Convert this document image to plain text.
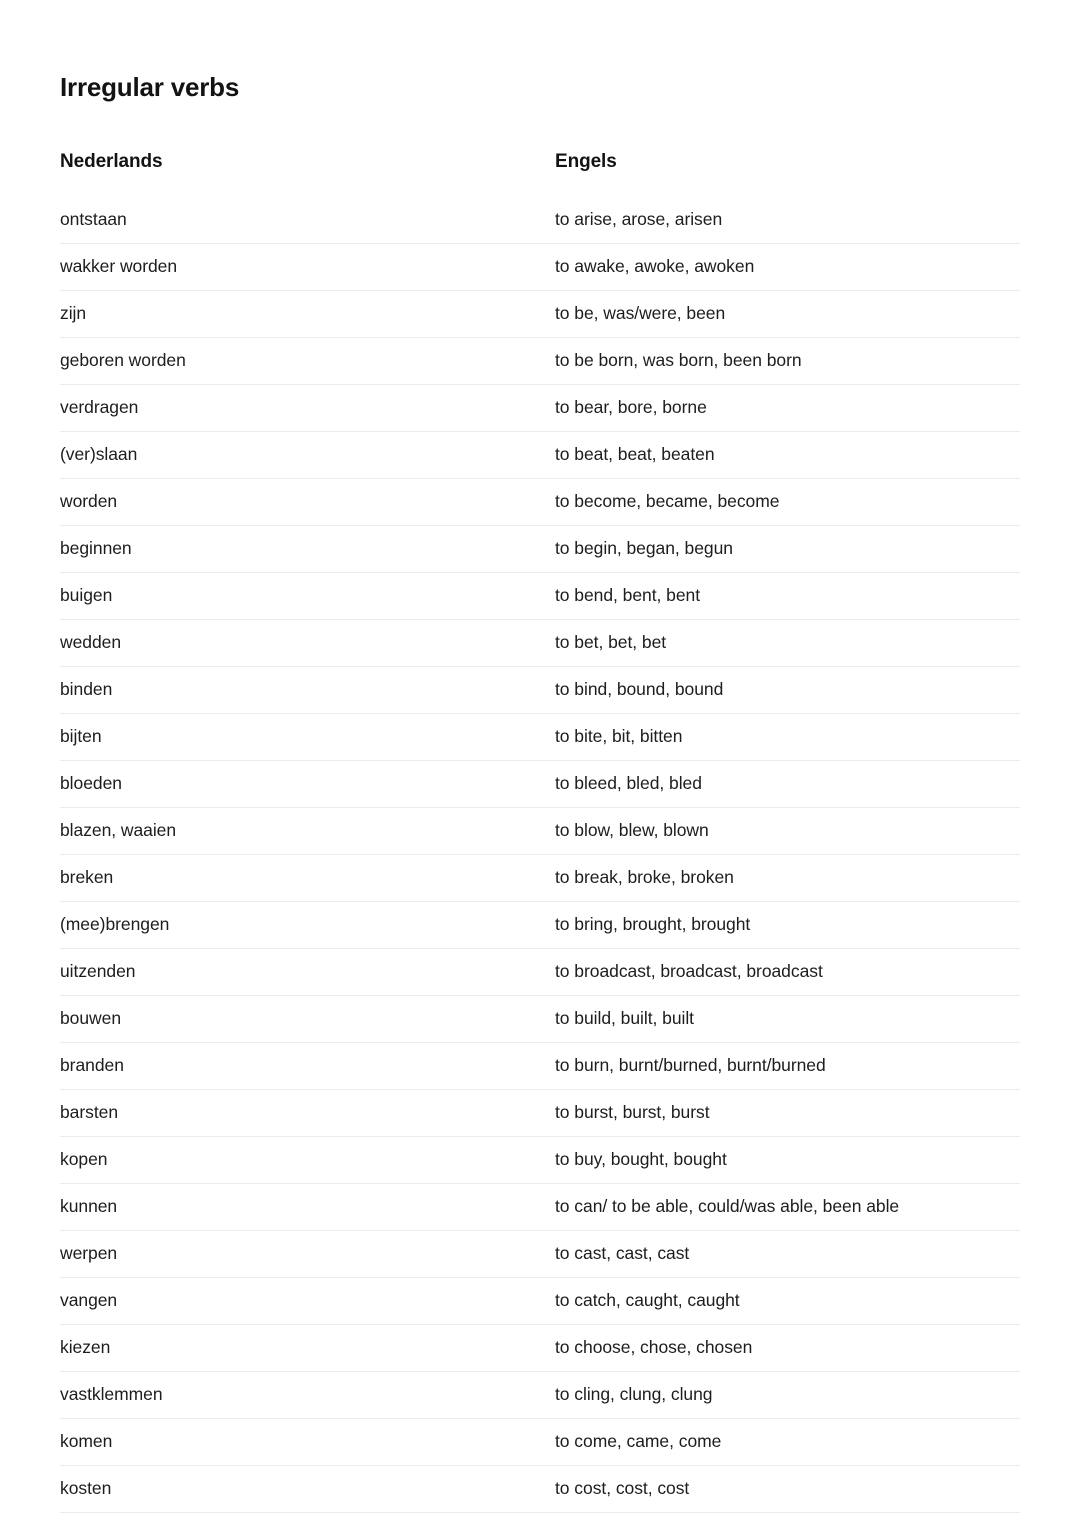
Irregular verbs
Nederlands	Engels
ontstaan	to arise, arose, arisen
wakker worden	to awake, awoke, awoken
zijn	to be, was/were, been
geboren worden	to be born, was born, been born
verdragen	to bear, bore, borne
(ver)slaan	to beat, beat, beaten
worden	to become, became, become
beginnen	to begin, began, begun
buigen	to bend, bent, bent
wedden	to bet, bet, bet
binden	to bind, bound, bound
bijten	to bite, bit, bitten
bloeden	to bleed, bled, bled
blazen, waaien	to blow, blew, blown
breken	to break, broke, broken
(mee)brengen	to bring, brought, brought
uitzenden	to broadcast, broadcast, broadcast
bouwen	to build, built, built
branden	to burn, burnt/burned, burnt/burned
barsten	to burst, burst, burst
kopen	to buy, bought, bought
kunnen	to can/ to be able, could/was able, been able
werpen	to cast, cast, cast
vangen	to catch, caught, caught
kiezen	to choose, chose, chosen
vastklemmen	to cling, clung, clung
komen	to come, came, come
kosten	to cost, cost, cost
